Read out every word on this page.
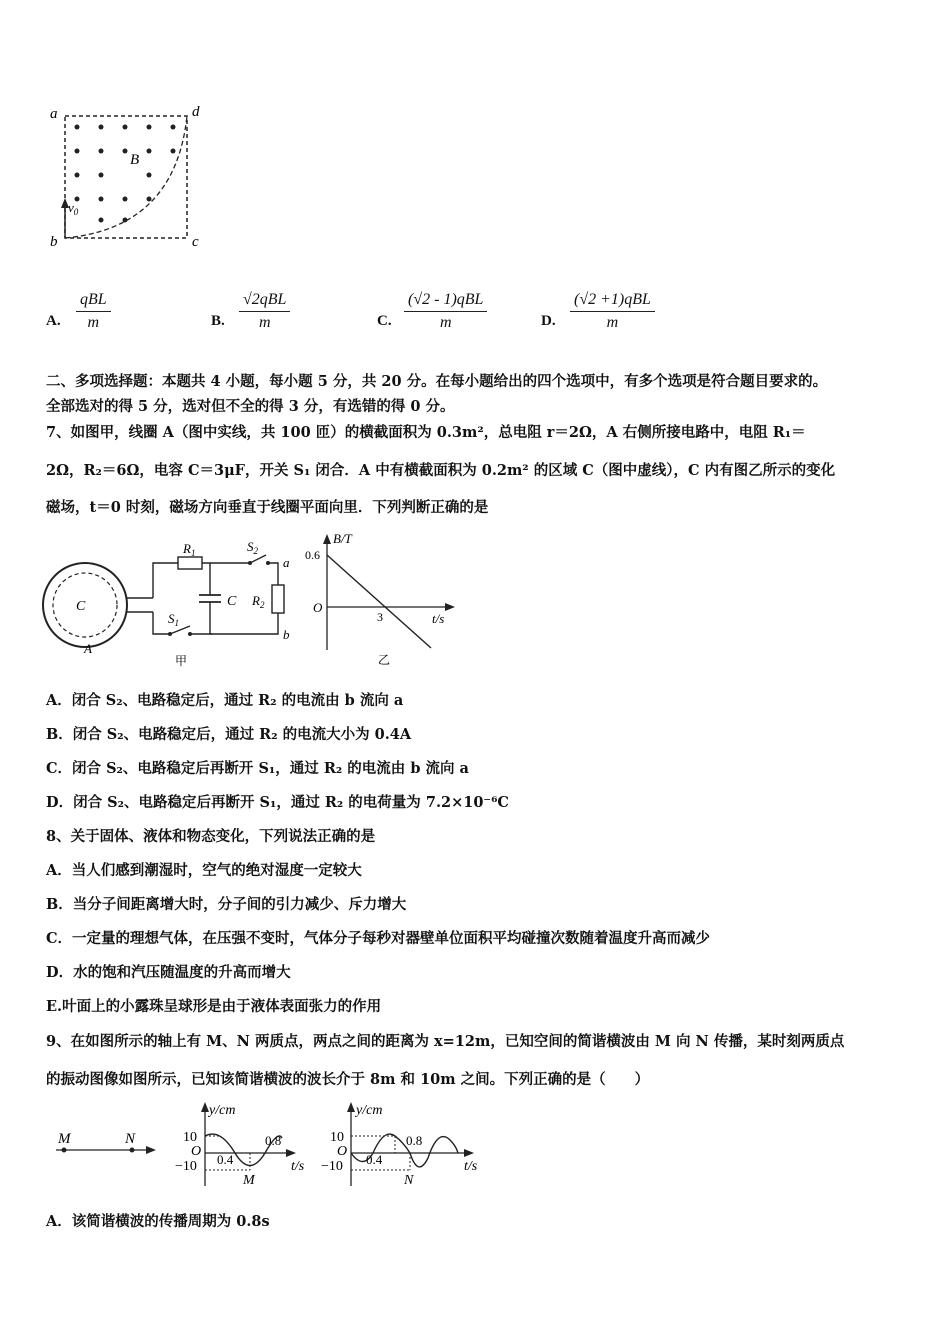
a	d
b	c
B
$v_0$
A.
qBL
m	B.
√2qBL
m	C.
(√2 - 1)qBL
m	D.
(√2 +1)qBL
m
二、多项选择题：本题共 4 小题，每小题 5 分，共 20 分。在每小题给出的四个选项中，有多个选项是符合题目要求的。
全部选对的得 5 分，选对但不全的得 3 分，有选错的得 0 分。
7、如图甲，线圈 A（图中实线，共 100 匝）的横截面积为 0.3m²，总电阻 r＝2Ω，A 右侧所接电路中，电阻 R₁＝
2Ω，R₂＝6Ω，电容 C＝3μF，开关 S₁ 闭合．A 中有横截面积为 0.2m² 的区域 C（图中虚线），C 内有图乙所示的变化
磁场，t＝0 时刻，磁场方向垂直于线圈平面向里．下列判断正确的是
C
A
$R_1$	$S_2$
$S_1$
C $R_2$
a
b
甲
B/T
0.6
O
3	t/s
乙
A．闭合 S₂、电路稳定后，通过 R₂ 的电流由 b 流向 a
B．闭合 S₂、电路稳定后，通过 R₂ 的电流大小为 0.4A
C．闭合 S₂、电路稳定后再断开 S₁，通过 R₂ 的电流由 b 流向 a
D．闭合 S₂、电路稳定后再断开 S₁，通过 R₂ 的电荷量为 7.2×10⁻⁶C
8、关于固体、液体和物态变化，下列说法正确的是
A．当人们感到潮湿时，空气的绝对湿度一定较大
B．当分子间距离增大时，分子间的引力减少、斥力增大
C．一定量的理想气体，在压强不变时，气体分子每秒对器壁单位面积平均碰撞次数随着温度升高而减少
D．水的饱和汽压随温度的升高而增大
E.叶面上的小露珠呈球形是由于液体表面张力的作用
9、在如图所示的轴上有 M、N 两质点，两点之间的距离为 x=12m，已知空间的简谐横波由 M 向 N 传播，某时刻两质点
的振动图像如图所示，已知该简谐横波的波长介于 8m 和 10m 之间。下列正确的是（　　）
M	N
y/cm
10
O
−10 0.4
0.8
t/s
M
y/cm
10
O
−10 0.4
0.8
t/s
N
A．该简谐横波的传播周期为 0.8s
